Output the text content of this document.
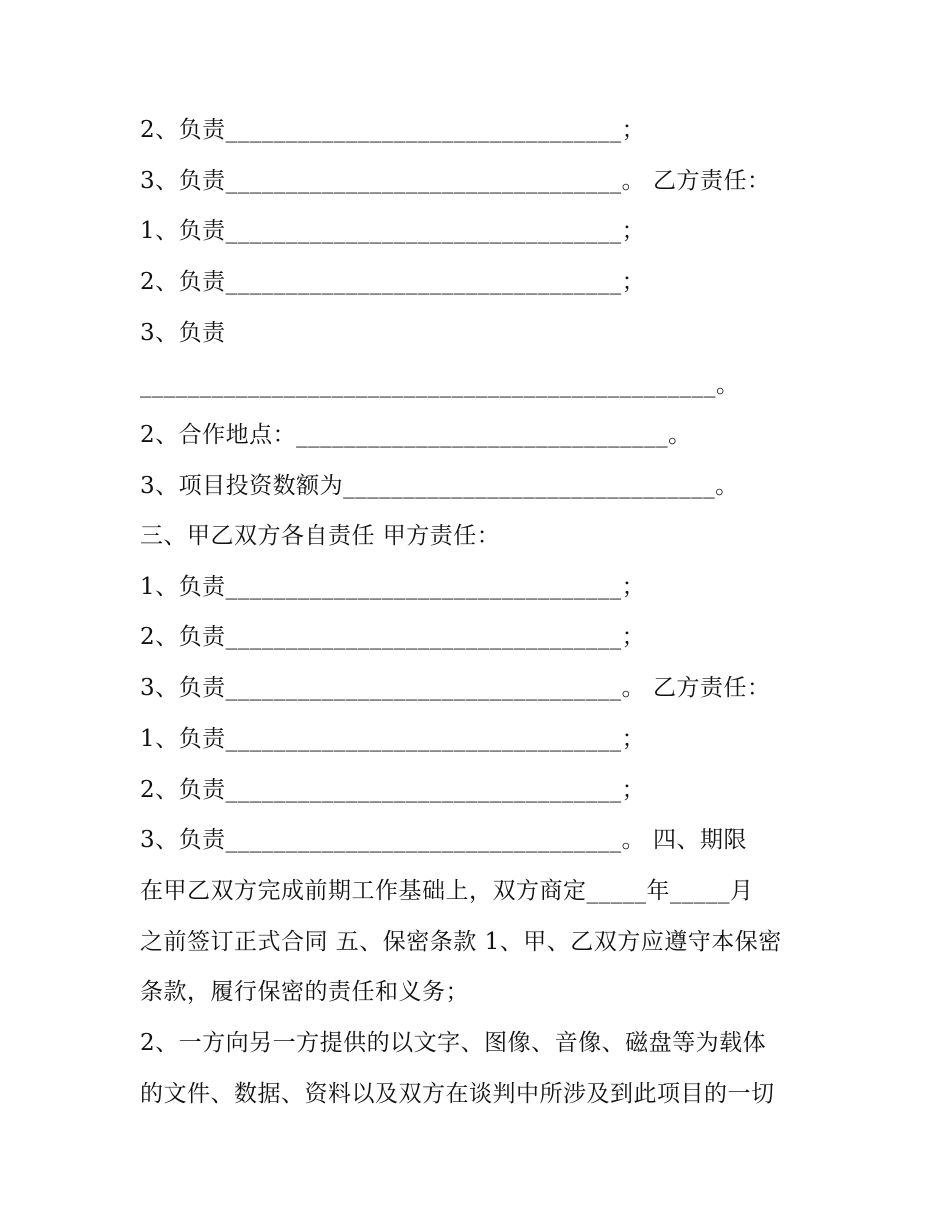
2、负责_________________________________；
3、负责_________________________________。 乙方责任：
1、负责_________________________________；
2、负责_________________________________；
3、负责
________________________________________________。
2、合作地点：_______________________________。
3、项目投资数额为_______________________________。
三、甲乙双方各自责任 甲方责任：
1、负责_________________________________；
2、负责_________________________________；
3、负责_________________________________。 乙方责任：
1、负责_________________________________；
2、负责_________________________________；
3、负责_________________________________。 四、期限
在甲乙双方完成前期工作基础上，双方商定_____年_____月
之前签订正式合同 五、保密条款 1、甲、乙双方应遵守本保密
条款，履行保密的责任和义务；
2、一方向另一方提供的以文字、图像、音像、磁盘等为载体
的文件、数据、资料以及双方在谈判中所涉及到此项目的一切
